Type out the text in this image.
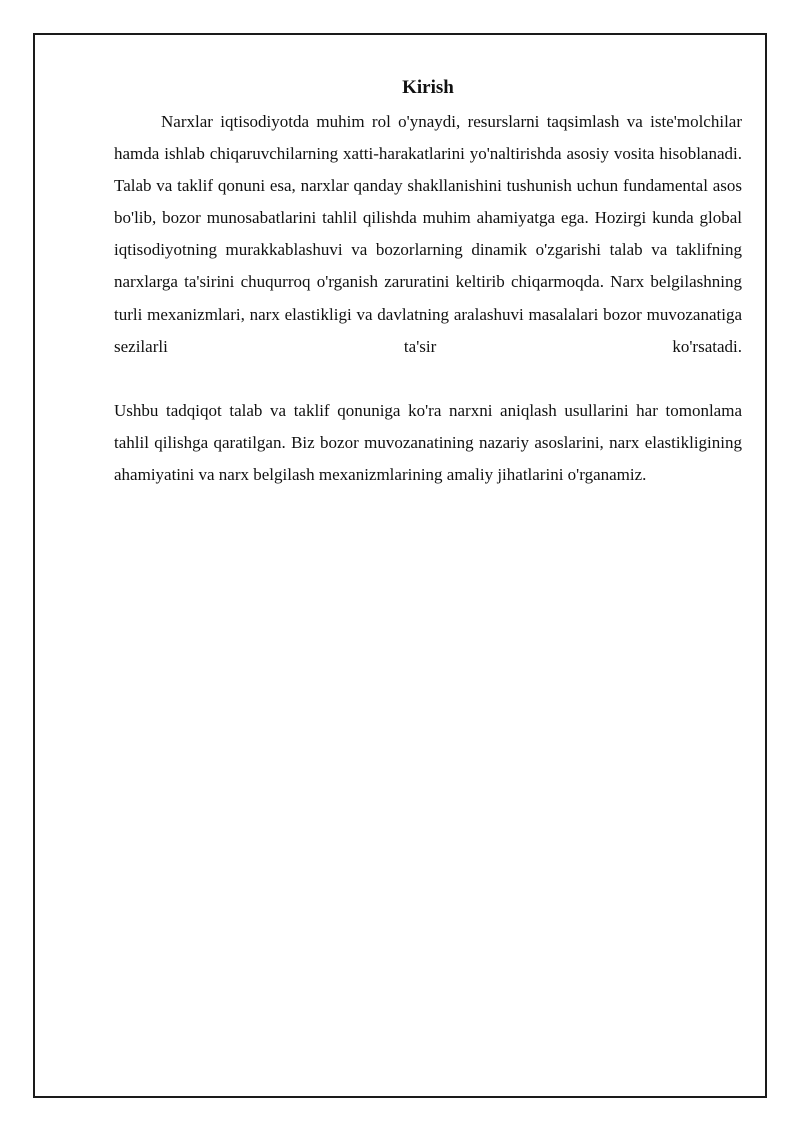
Kirish

Narxlar iqtisodiyotda muhim rol o'ynaydi, resurslarni taqsimlash va iste'molchilar hamda ishlab chiqaruvchilarning xatti-harakatlarini yo'naltirishda asosiy vosita hisoblanadi. Talab va taklif qonuni esa, narxlar qanday shakllanishini tushunish uchun fundamental asos bo'lib, bozor munosabatlarini tahlil qilishda muhim ahamiyatga ega. Hozirgi kunda global iqtisodiyotning murakkablashuvi va bozorlarning dinamik o'zgarishi talab va taklifning narxlarga ta'sirini chuqurroq o'rganish zaruratini keltirib chiqarmoqda. Narx belgilashning turli mexanizmlari, narx elastikligi va davlatning aralashuvi masalalari bozor muvozanatiga sezilarli ta'sir ko'rsatadi.

Ushbu tadqiqot talab va taklif qonuniga ko'ra narxni aniqlash usullarini har tomonlama tahlil qilishga qaratilgan. Biz bozor muvozanatining nazariy asoslarini, narx elastikligining ahamiyatini va narx belgilash mexanizmlarining amaliy jihatlarini o'rganamiz.
